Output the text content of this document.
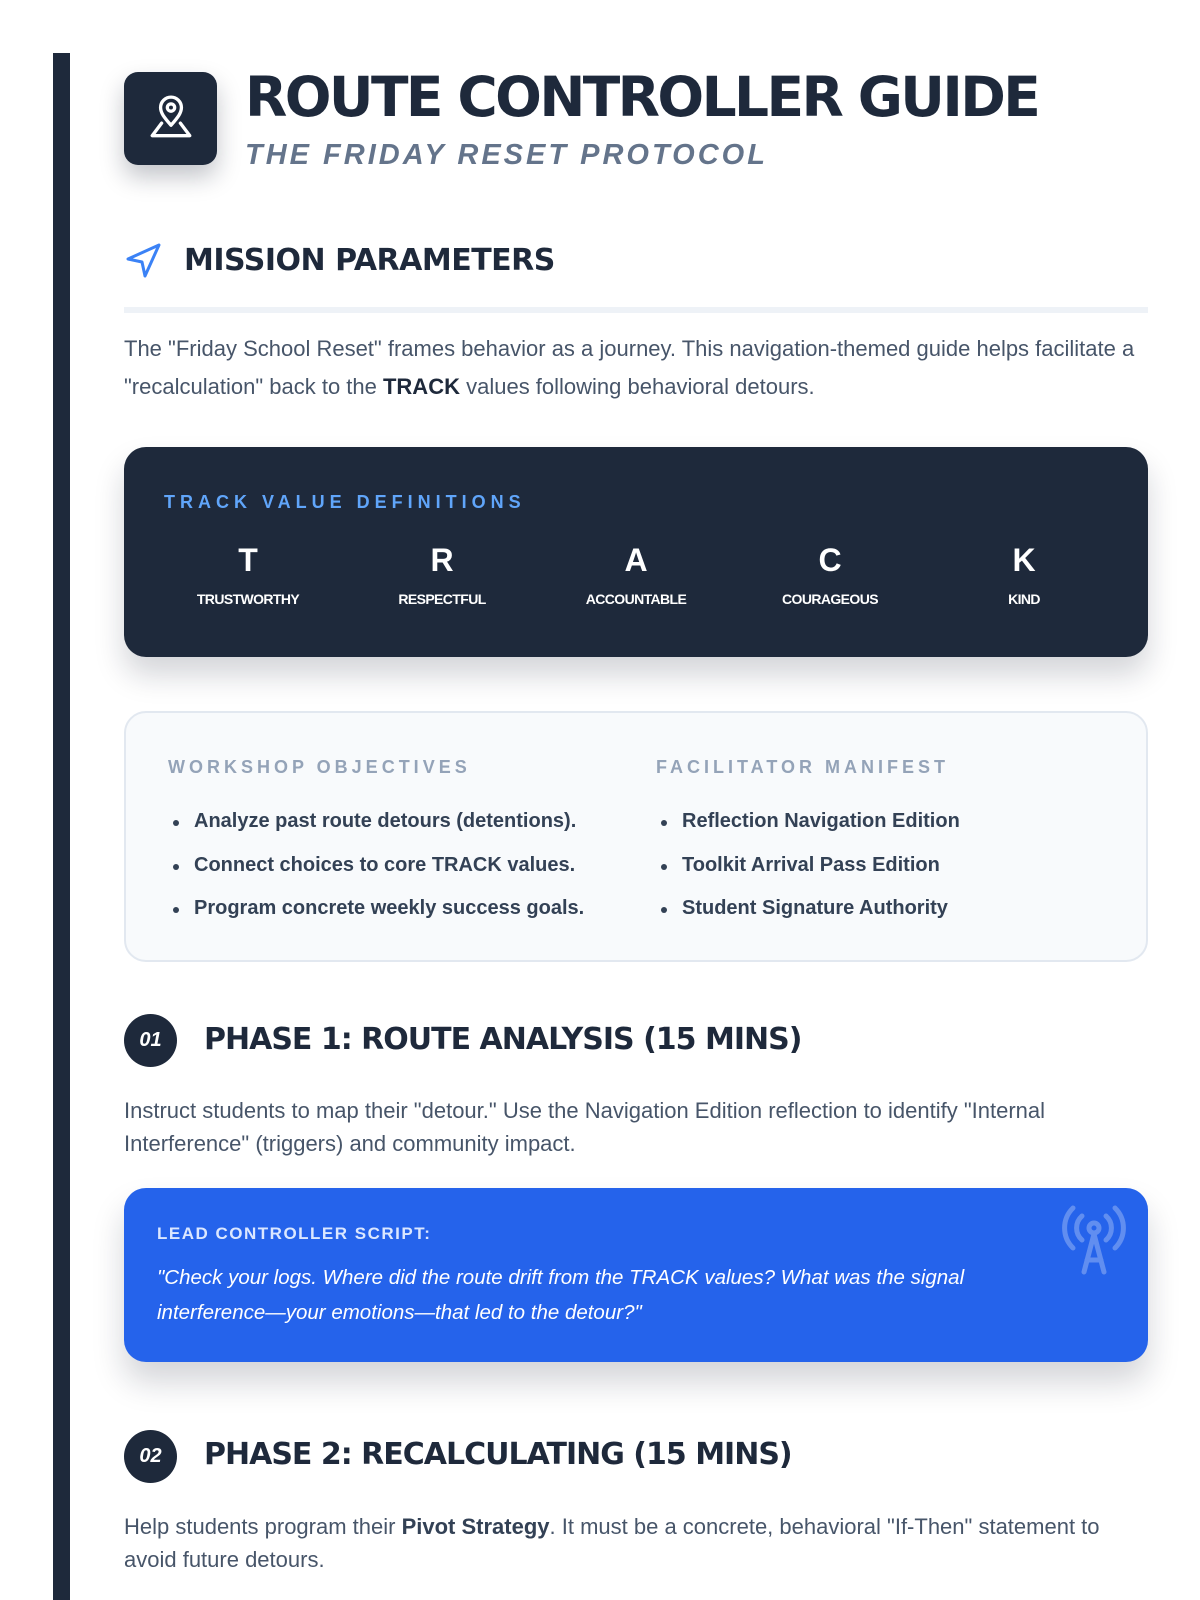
ROUTE CONTROLLER GUIDE
THE FRIDAY RESET PROTOCOL
MISSION PARAMETERS
The "Friday School Reset" frames behavior as a journey. This navigation-themed guide helps facilitate a "recalculation" back to the TRACK values following behavioral detours.
TRACK VALUE DEFINITIONS
T
TRUSTWORTHY
R
RESPECTFUL
A
ACCOUNTABLE
C
COURAGEOUS
K
KIND
WORKSHOP OBJECTIVES
Analyze past route detours (detentions).
Connect choices to core TRACK values.
Program concrete weekly success goals.
FACILITATOR MANIFEST
Reflection Navigation Edition
Toolkit Arrival Pass Edition
Student Signature Authority
01	PHASE 1: ROUTE ANALYSIS (15 MINS)
Instruct students to map their "detour." Use the Navigation Edition reflection to identify "Internal Interference" (triggers) and community impact.
LEAD CONTROLLER SCRIPT:
"Check your logs. Where did the route drift from the TRACK values? What was the signal interference—your emotions—that led to the detour?"
02	PHASE 2: RECALCULATING (15 MINS)
Help students program their Pivot Strategy. It must be a concrete, behavioral "If-Then" statement to avoid future detours.
